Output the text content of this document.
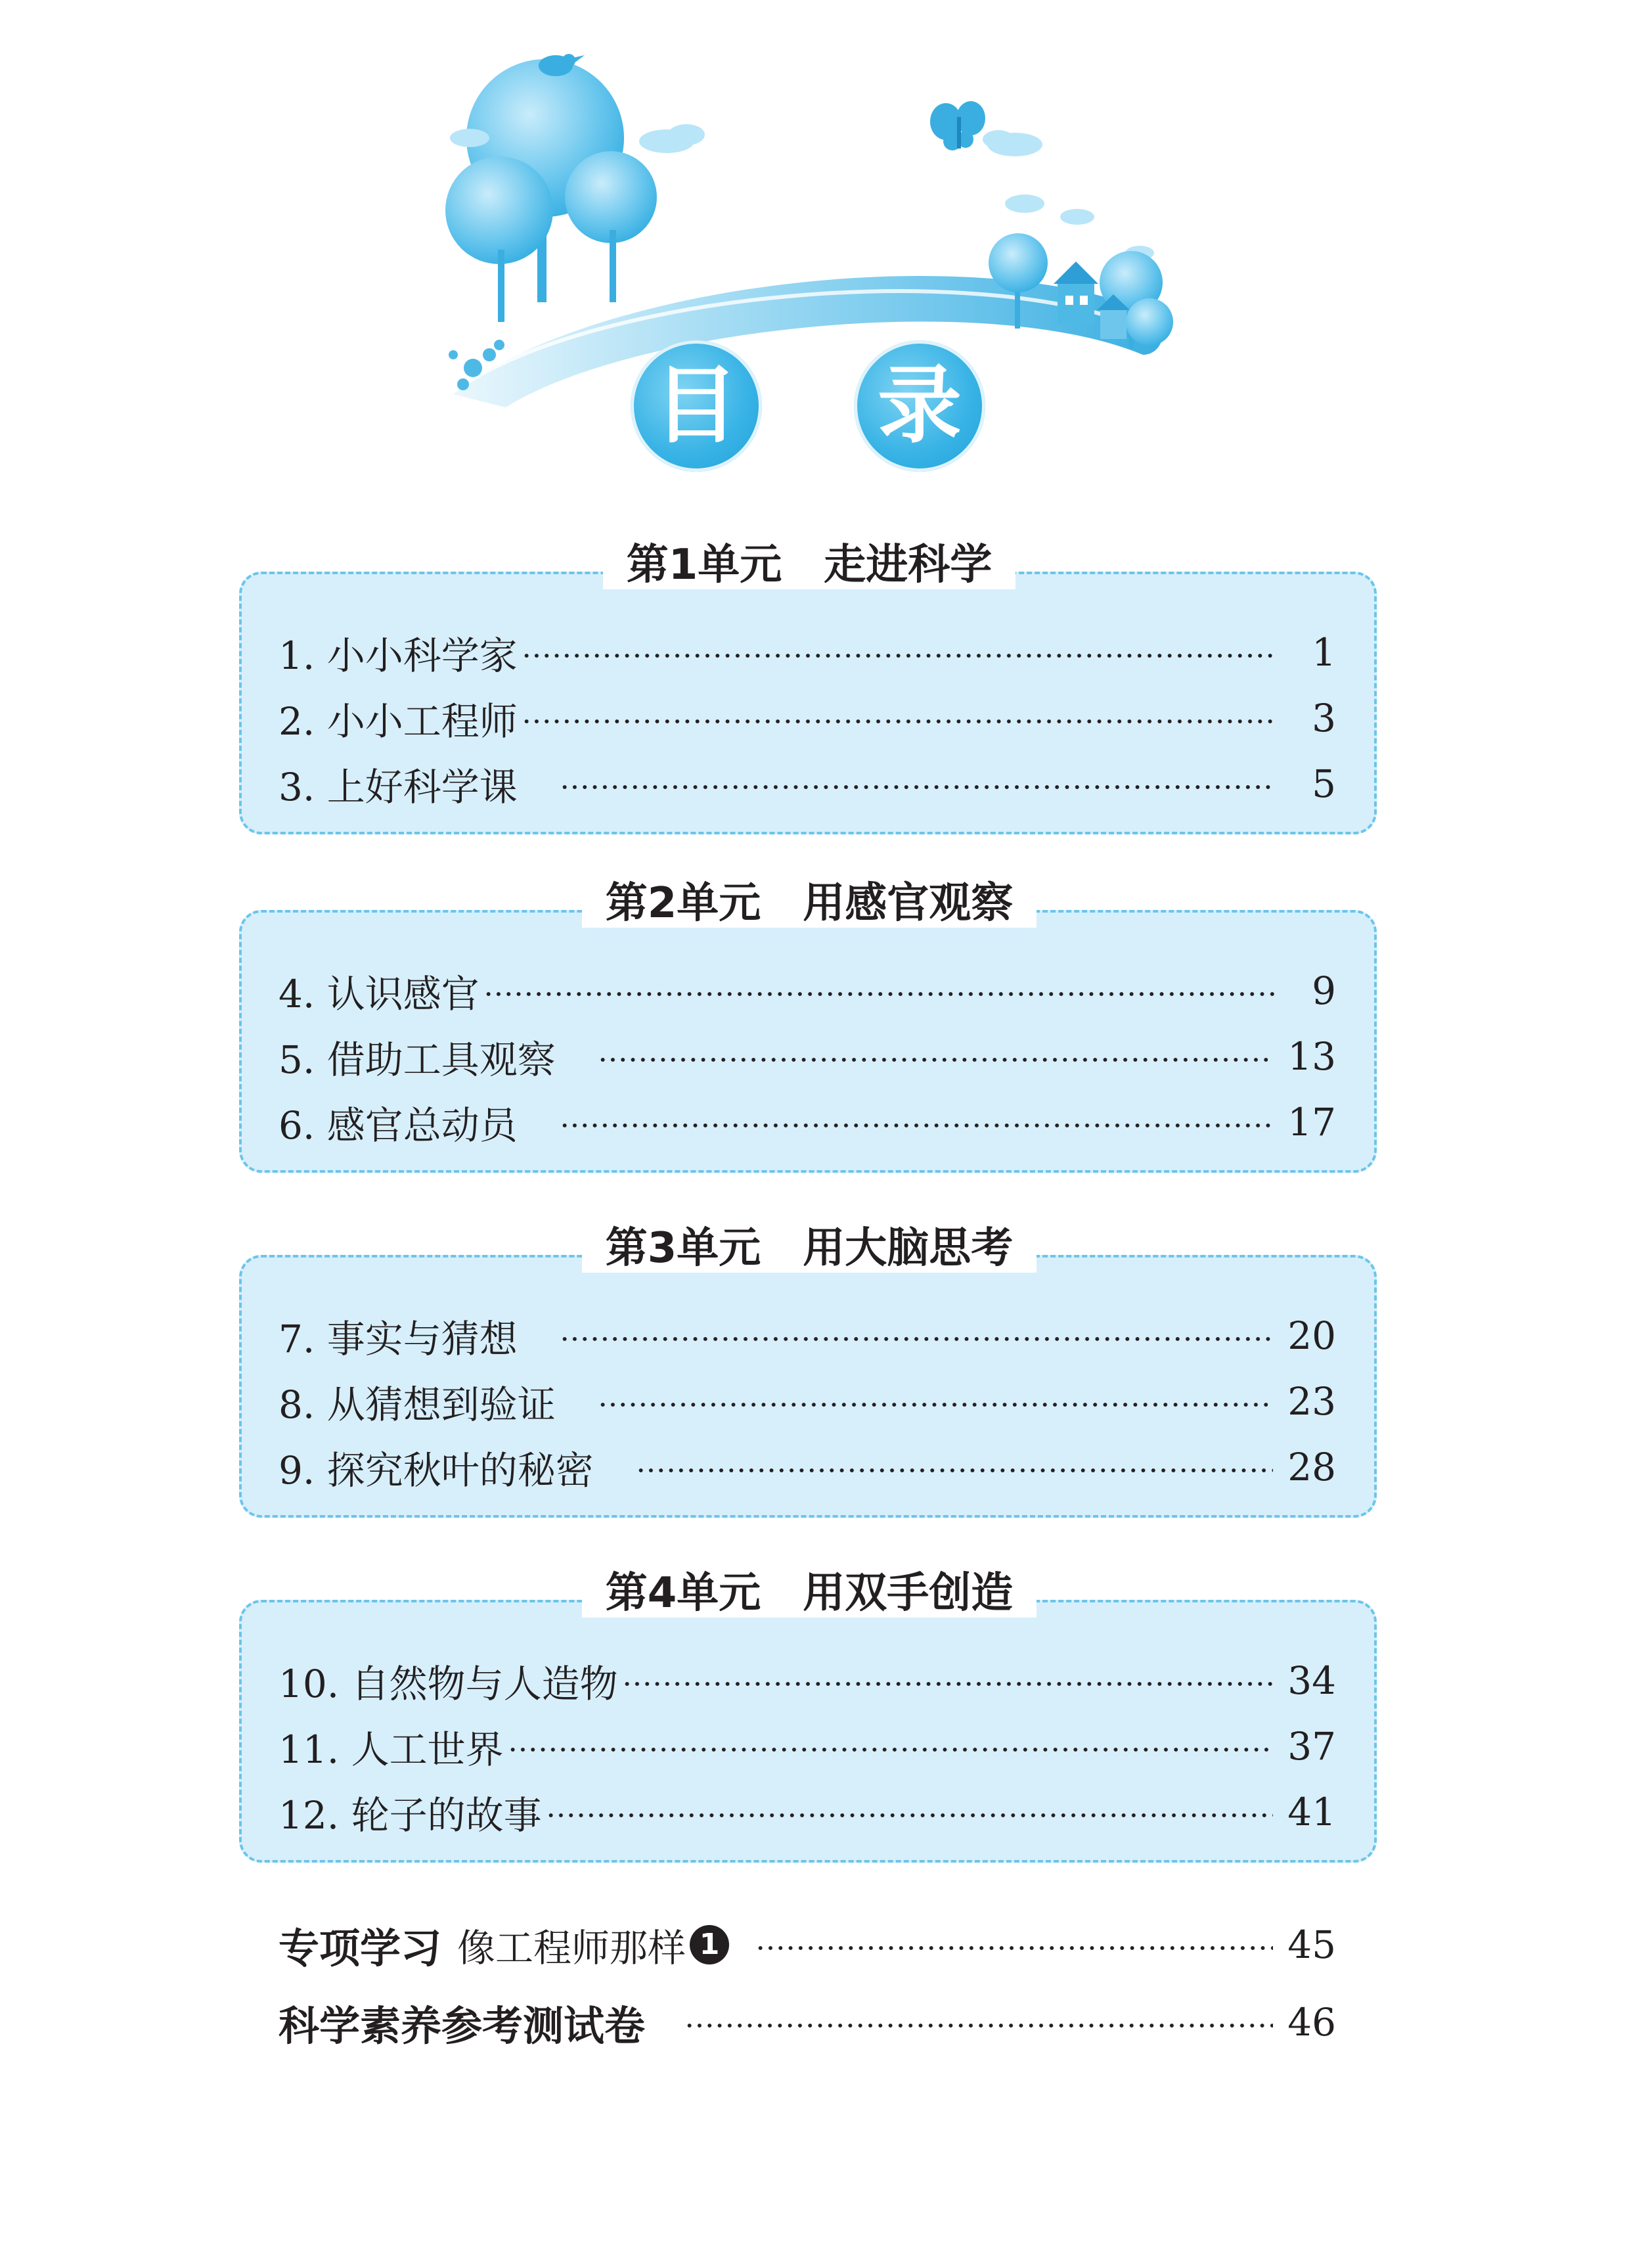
目 录
第1单元　走进科学
1. 小小科学家	1
2. 小小工程师	3
3. 上好科学课　	5
第2单元　用感官观察
4. 认识感官	9
5. 借助工具观察　	13
6. 感官总动员　	17
第3单元　用大脑思考
7. 事实与猜想　	20
8. 从猜想到验证　	23
9. 探究秋叶的秘密　	28
第4单元　用双手创造
10. 自然物与人造物	34
11. 人工世界	37
12. 轮子的故事	41
专项学习 像工程师那样 1	45
科学素养参考测试卷	46
